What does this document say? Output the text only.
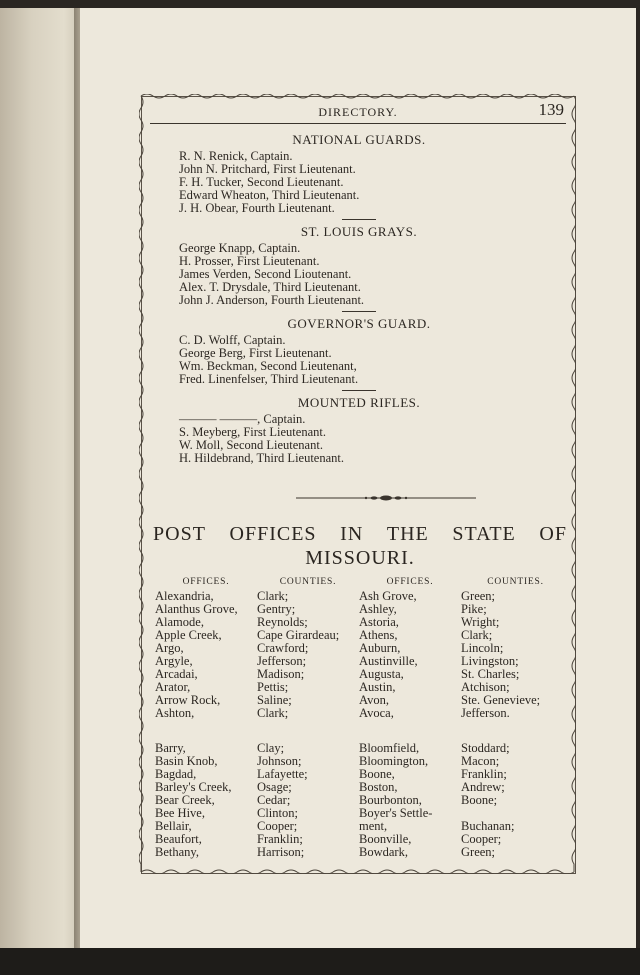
DIRECTORY.	139
NATIONAL GUARDS.
R. N. Renick, Captain.
John N. Pritchard, First Lieutenant.
F. H. Tucker, Second Lieutenant.
Edward Wheaton, Third Lieutenant.
J. H. Obear, Fourth Lieutenant.
ST. LOUIS GRAYS.
George Knapp, Captain.
H. Prosser, First Lieutenant.
James Verden, Second Lioutenant.
Alex. T. Drysdale, Third Lieutenant.
John J. Anderson, Fourth Lieutenant.
GOVERNOR'S GUARD.
C. D. Wolff, Captain.
George Berg, First Lieutenant.
Wm. Beckman, Second Lieutenant,
Fred. Linenfelser, Third Lieutenant.
MOUNTED RIFLES.
——— ———, Captain.
S. Meyberg, First Lieutenant.
W. Moll, Second Lieutenant.
H. Hildebrand, Third Lieutenant.
POST OFFICES IN THE STATE OF
MISSOURI.
OFFICES.	COUNTIES.	OFFICES.	COUNTIES.
Alexandria,	Clark;	Ash Grove,	Green;
Alanthus Grove,	Gentry;	Ashley,	Pike;
Alamode,	Reynolds;	Astoria,	Wright;
Apple Creek,	Cape Girardeau;	Athens,	Clark;
Argo,	Crawford;	Auburn,	Lincoln;
Argyle,	Jefferson;	Austinville,	Livingston;
Arcadai,	Madison;	Augusta,	St. Charles;
Arator,	Pettis;	Austin,	Atchison;
Arrow Rock,	Saline;	Avon,	Ste. Genevieve;
Ashton,	Clark;	Avoca,	Jefferson.
Barry,	Clay;	Bloomfield,	Stoddard;
Basin Knob,	Johnson;	Bloomington,	Macon;
Bagdad,	Lafayette;	Boone,	Franklin;
Barley's Creek,	Osage;	Boston,	Andrew;
Bear Creek,	Cedar;	Bourbonton,	Boone;
Bee Hive,	Clinton;	Boyer's Settle-
Bellair,	Cooper;	ment,	Buchanan;
Beaufort,	Franklin;	Boonville,	Cooper;
Bethany,	Harrison;	Bowdark,	Green;
